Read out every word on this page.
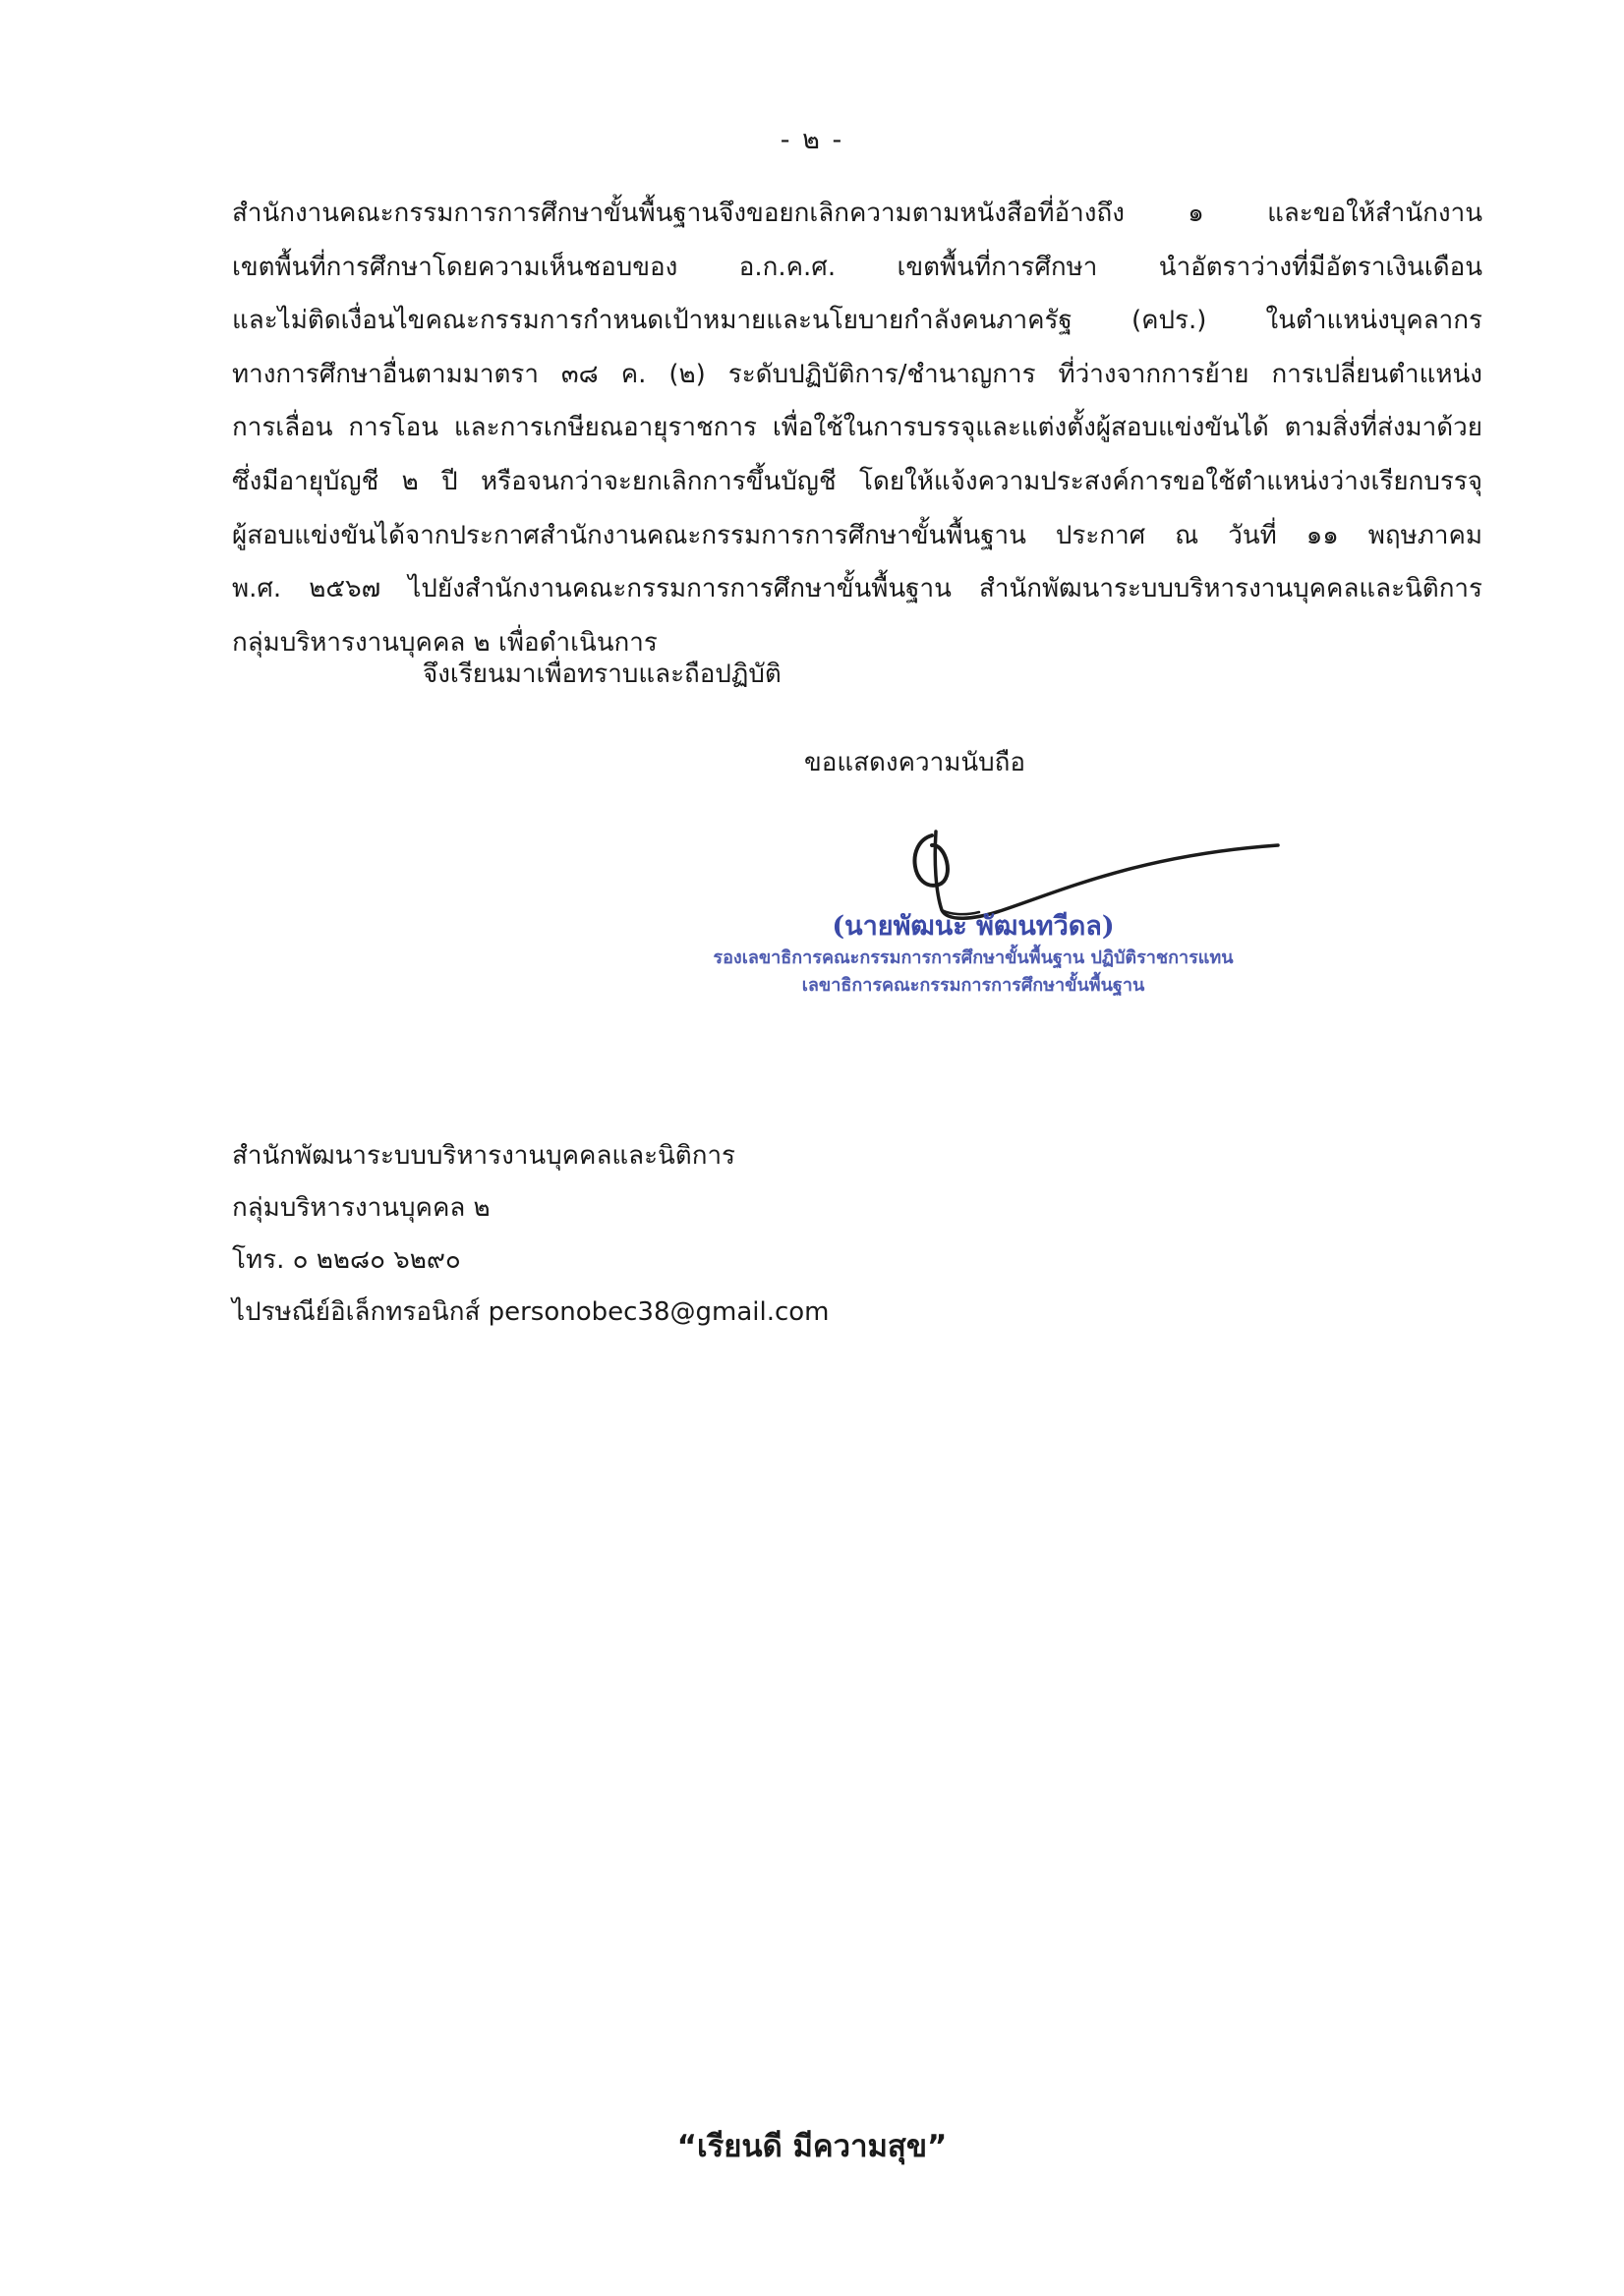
- ๒ -
สำนักงานคณะกรรมการการศึกษาขั้นพื้นฐานจึงขอยกเลิกความตามหนังสือที่อ้างถึง ๑ และขอให้สำนักงาน
เขตพื้นที่การศึกษาโดยความเห็นชอบของ อ.ก.ค.ศ. เขตพื้นที่การศึกษา นำอัตราว่างที่มีอัตราเงินเดือน
และไม่ติดเงื่อนไขคณะกรรมการกำหนดเป้าหมายและนโยบายกำลังคนภาครัฐ (คปร.) ในตำแหน่งบุคลากร
ทางการศึกษาอื่นตามมาตรา ๓๘ ค. (๒) ระดับปฏิบัติการ/ชำนาญการ ที่ว่างจากการย้าย การเปลี่ยนตำแหน่ง
การเลื่อน การโอน และการเกษียณอายุราชการ เพื่อใช้ในการบรรจุและแต่งตั้งผู้สอบแข่งขันได้ ตามสิ่งที่ส่งมาด้วย
ซึ่งมีอายุบัญชี ๒ ปี หรือจนกว่าจะยกเลิกการขึ้นบัญชี โดยให้แจ้งความประสงค์การขอใช้ตำแหน่งว่างเรียกบรรจุ
ผู้สอบแข่งขันได้จากประกาศสำนักงานคณะกรรมการการศึกษาขั้นพื้นฐาน ประกาศ ณ วันที่ ๑๑ พฤษภาคม
พ.ศ. ๒๕๖๗ ไปยังสำนักงานคณะกรรมการการศึกษาขั้นพื้นฐาน สำนักพัฒนาระบบบริหารงานบุคคลและนิติการ
กลุ่มบริหารงานบุคคล ๒ เพื่อดำเนินการ
จึงเรียนมาเพื่อทราบและถือปฏิบัติ
ขอแสดงความนับถือ
(นายพัฒนะ พัฒนทวีดล)
รองเลขาธิการคณะกรรมการการศึกษาขั้นพื้นฐาน ปฏิบัติราชการแทน
เลขาธิการคณะกรรมการการศึกษาขั้นพื้นฐาน
สำนักพัฒนาระบบบริหารงานบุคคลและนิติการ
กลุ่มบริหารงานบุคคล ๒
โทร. ๐ ๒๒๘๐ ๖๒๙๐
ไปรษณีย์อิเล็กทรอนิกส์ personobec38@gmail.com
“เรียนดี มีความสุข”
